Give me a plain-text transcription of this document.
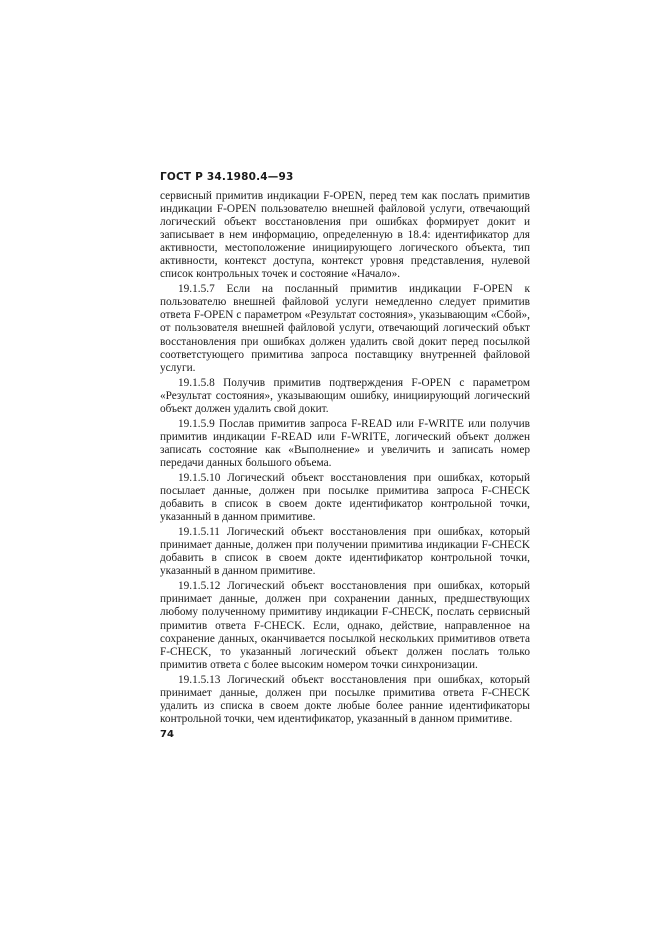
ГОСТ Р 34.1980.4—93

сервисный примитив индикации F-OPEN, перед тем как послать примитив индикации F-OPEN пользователю внешней файловой услуги, отвечающий логический объект восстановления при ошибках формирует докит и записывает в нем информацию, определенную в 18.4: идентификатор для активности, местоположение инициирующего логического объекта, тип активности, контекст доступа, контекст уровня представления, нулевой список контрольных точек и состояние «Начало».

19.1.5.7 Если на посланный примитив индикации F-OPEN к пользователю внешней файловой услуги немедленно следует примитив ответа F-OPEN с параметром «Результат состояния», указывающим «Сбой», от пользователя внешней файловой услуги, отвечающий логический объкт восстановления при ошибках должен удалить свой докит перед посылкой соответстующего примитива запроса поставщику внутренней файловой услуги.

19.1.5.8 Получив примитив подтверждения F-OPEN с параметром «Результат состояния», указывающим ошибку, инициирующий логический объект должен удалить свой докит.

19.1.5.9 Послав примитив запроса F-READ или F-WRITE или получив примитив индикации F-READ или F-WRITE, логический объект должен записать состояние как «Выполнение» и увеличить и записать номер передачи данных большого объема.

19.1.5.10 Логический объект восстановления при ошибках, который посылает данные, должен при посылке примитива запроса F-CHECK добавить в список в своем докте идентификатор контрольной точки, указанный в данном примитиве.

19.1.5.11 Логический объект восстановления при ошибках, который принимает данные, должен при получении примитива индикации F-CHECK добавить в список в своем докте идентификатор контрольной точки, указанный в данном примитиве.

19.1.5.12 Логический объект восстановления при ошибках, который принимает данные, должен при сохранении данных, предшествующих любому полученному примитиву индикации F-CHECK, послать сервисный примитив ответа F-CHECK. Если, однако, действие, направленное на сохранение данных, оканчивается посылкой нескольких примитивов ответа F-CHECK, то указанный логический объект должен послать только примитив ответа с более высоким номером точки синхронизации.

19.1.5.13 Логический объект восстановления при ошибках, который принимает данные, должен при посылке примитива ответа F-CHECK удалить из списка в своем докте любые более ранние идентификаторы контрольной точки, чем идентификатор, указанный в данном примитиве.

74
